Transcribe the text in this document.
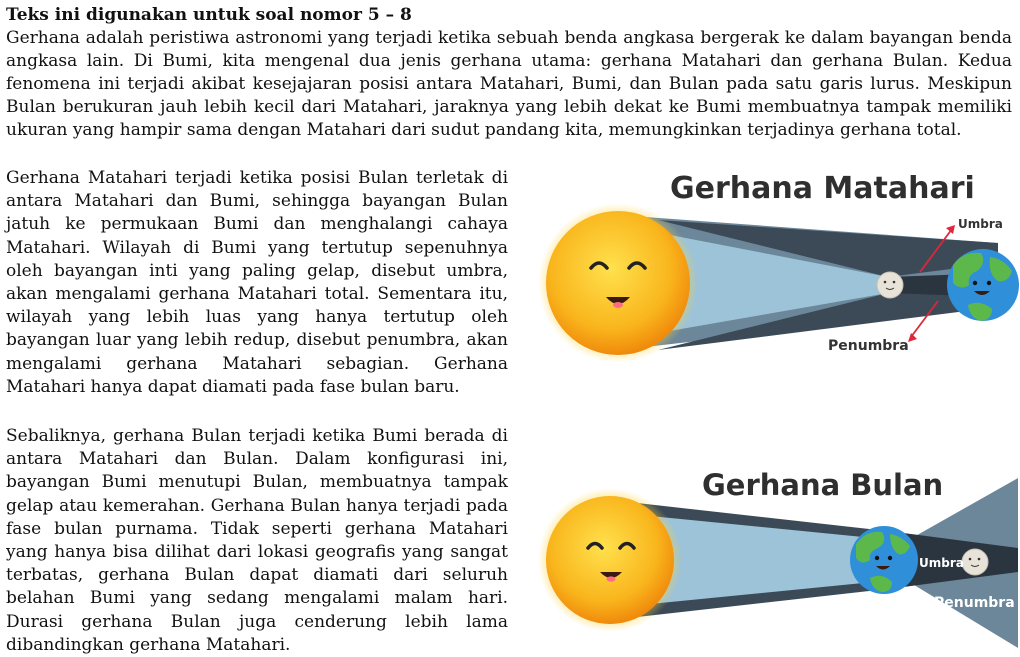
Teks ini digunakan untuk soal nomor 5 – 8
Gerhana adalah peristiwa astronomi yang terjadi ketika sebuah benda angkasa bergerak ke dalam bayangan benda angkasa lain. Di Bumi, kita mengenal dua jenis gerhana utama: gerhana Matahari dan gerhana Bulan. Kedua fenomena ini terjadi akibat kesejajaran posisi antara Matahari, Bumi, dan Bulan pada satu garis lurus. Meskipun Bulan berukuran jauh lebih kecil dari Matahari, jaraknya yang lebih dekat ke Bumi membuatnya tampak memiliki ukuran yang hampir sama dengan Matahari dari sudut pandang kita, memungkinkan terjadinya gerhana total.
Gerhana Matahari terjadi ketika posisi Bulan terletak di antara Matahari dan Bumi, sehingga bayangan Bulan jatuh ke permukaan Bumi dan menghalangi cahaya Matahari. Wilayah di Bumi yang tertutup sepenuhnya oleh bayangan inti yang paling gelap, disebut umbra, akan mengalami gerhana Matahari total. Sementara itu, wilayah yang lebih luas yang hanya tertutup oleh bayangan luar yang lebih redup, disebut penumbra, akan mengalami gerhana Matahari sebagian. Gerhana Matahari hanya dapat diamati pada fase bulan baru.
Sebaliknya, gerhana Bulan terjadi ketika Bumi berada di antara Matahari dan Bulan. Dalam konfigurasi ini, bayangan Bumi menutupi Bulan, membuatnya tampak gelap atau kemerahan. Gerhana Bulan hanya terjadi pada fase bulan purnama. Tidak seperti gerhana Matahari yang hanya bisa dilihat dari lokasi geografis yang sangat terbatas, gerhana Bulan dapat diamati dari seluruh belahan Bumi yang sedang mengalami malam hari. Durasi gerhana Bulan juga cenderung lebih lama dibandingkan gerhana Matahari.
Gerhana Matahari
Umbra
Penumbra
Gerhana Bulan
Umbra
Penumbra
